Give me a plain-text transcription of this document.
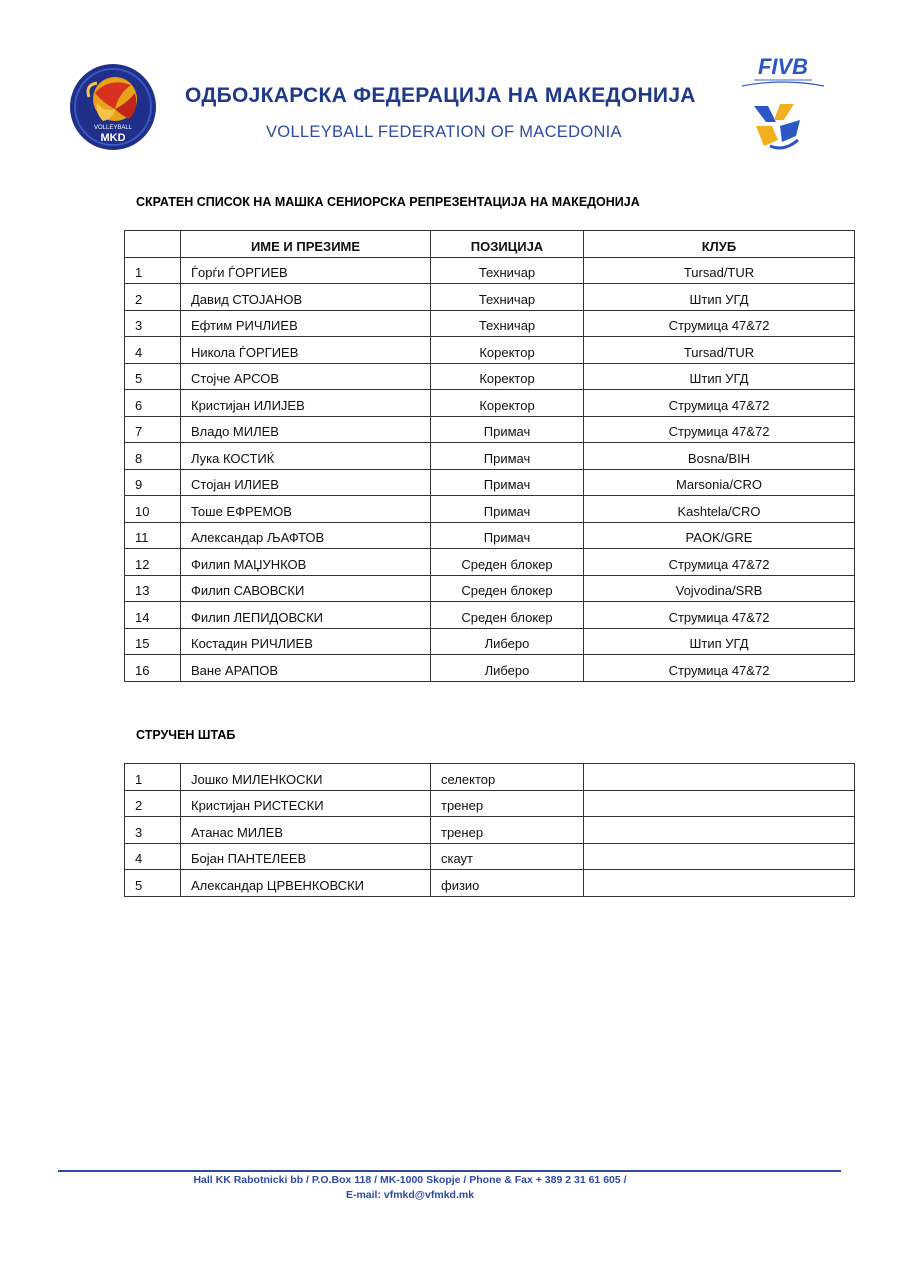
VOLLEYBALL
MKD
ОДБОЈКАРСКА ФЕДЕРАЦИЈА НА МАКЕДОНИЈА
VOLLEYBALL FEDERATION OF MACEDONIA
FIVB
СКРАТЕН СПИСОК НА МАШКА СЕНИОРСКА РЕПРЕЗЕНТАЦИЈА НА МАКЕДОНИЈА
	ИМЕ И ПРЕЗИМЕ	ПОЗИЦИЈА	КЛУБ
1	Ѓорѓи ЃОРГИЕВ	Техничар	Tursad/TUR
2	Давид СТОЈАНОВ	Техничар	Штип УГД
3	Ефтим РИЧЛИЕВ	Техничар	Струмица 47&72
4	Никола ЃОРГИЕВ	Коректор	Tursad/TUR
5	Стојче АРСОВ	Коректор	Штип УГД
6	Кристијан ИЛИЈЕВ	Коректор	Струмица 47&72
7	Владо МИЛЕВ	Примач	Струмица 47&72
8	Лука КОСТИЌ	Примач	Bosna/BIH
9	Стојан ИЛИЕВ	Примач	Marsonia/CRO
10	Тоше ЕФРЕМОВ	Примач	Kashtela/CRO
11	Александар ЉАФТОВ	Примач	PAOK/GRE
12	Филип МАЏУНКОВ	Среден блокер	Струмица 47&72
13	Филип САВОВСКИ	Среден блокер	Vojvodina/SRB
14	Филип ЛЕПИДОВСКИ	Среден блокер	Струмица 47&72
15	Костадин РИЧЛИЕВ	Либеро	Штип УГД
16	Ване АРАПОВ	Либеро	Струмица 47&72
СТРУЧЕН ШТАБ
1	Јошко МИЛЕНКОСКИ	селектор	
2	Кристијан РИСТЕСКИ	тренер	
3	Атанас МИЛЕВ	тренер	
4	Бојан ПАНТЕЛЕЕВ	скаут	
5	Александар ЦРВЕНКОВСКИ	физио	
Hall KK Rabotnicki bb / P.O.Box 118 / MK-1000 Skopje / Phone & Fax + 389 2 31 61 605 /
E-mail: vfmkd@vfmkd.mk
